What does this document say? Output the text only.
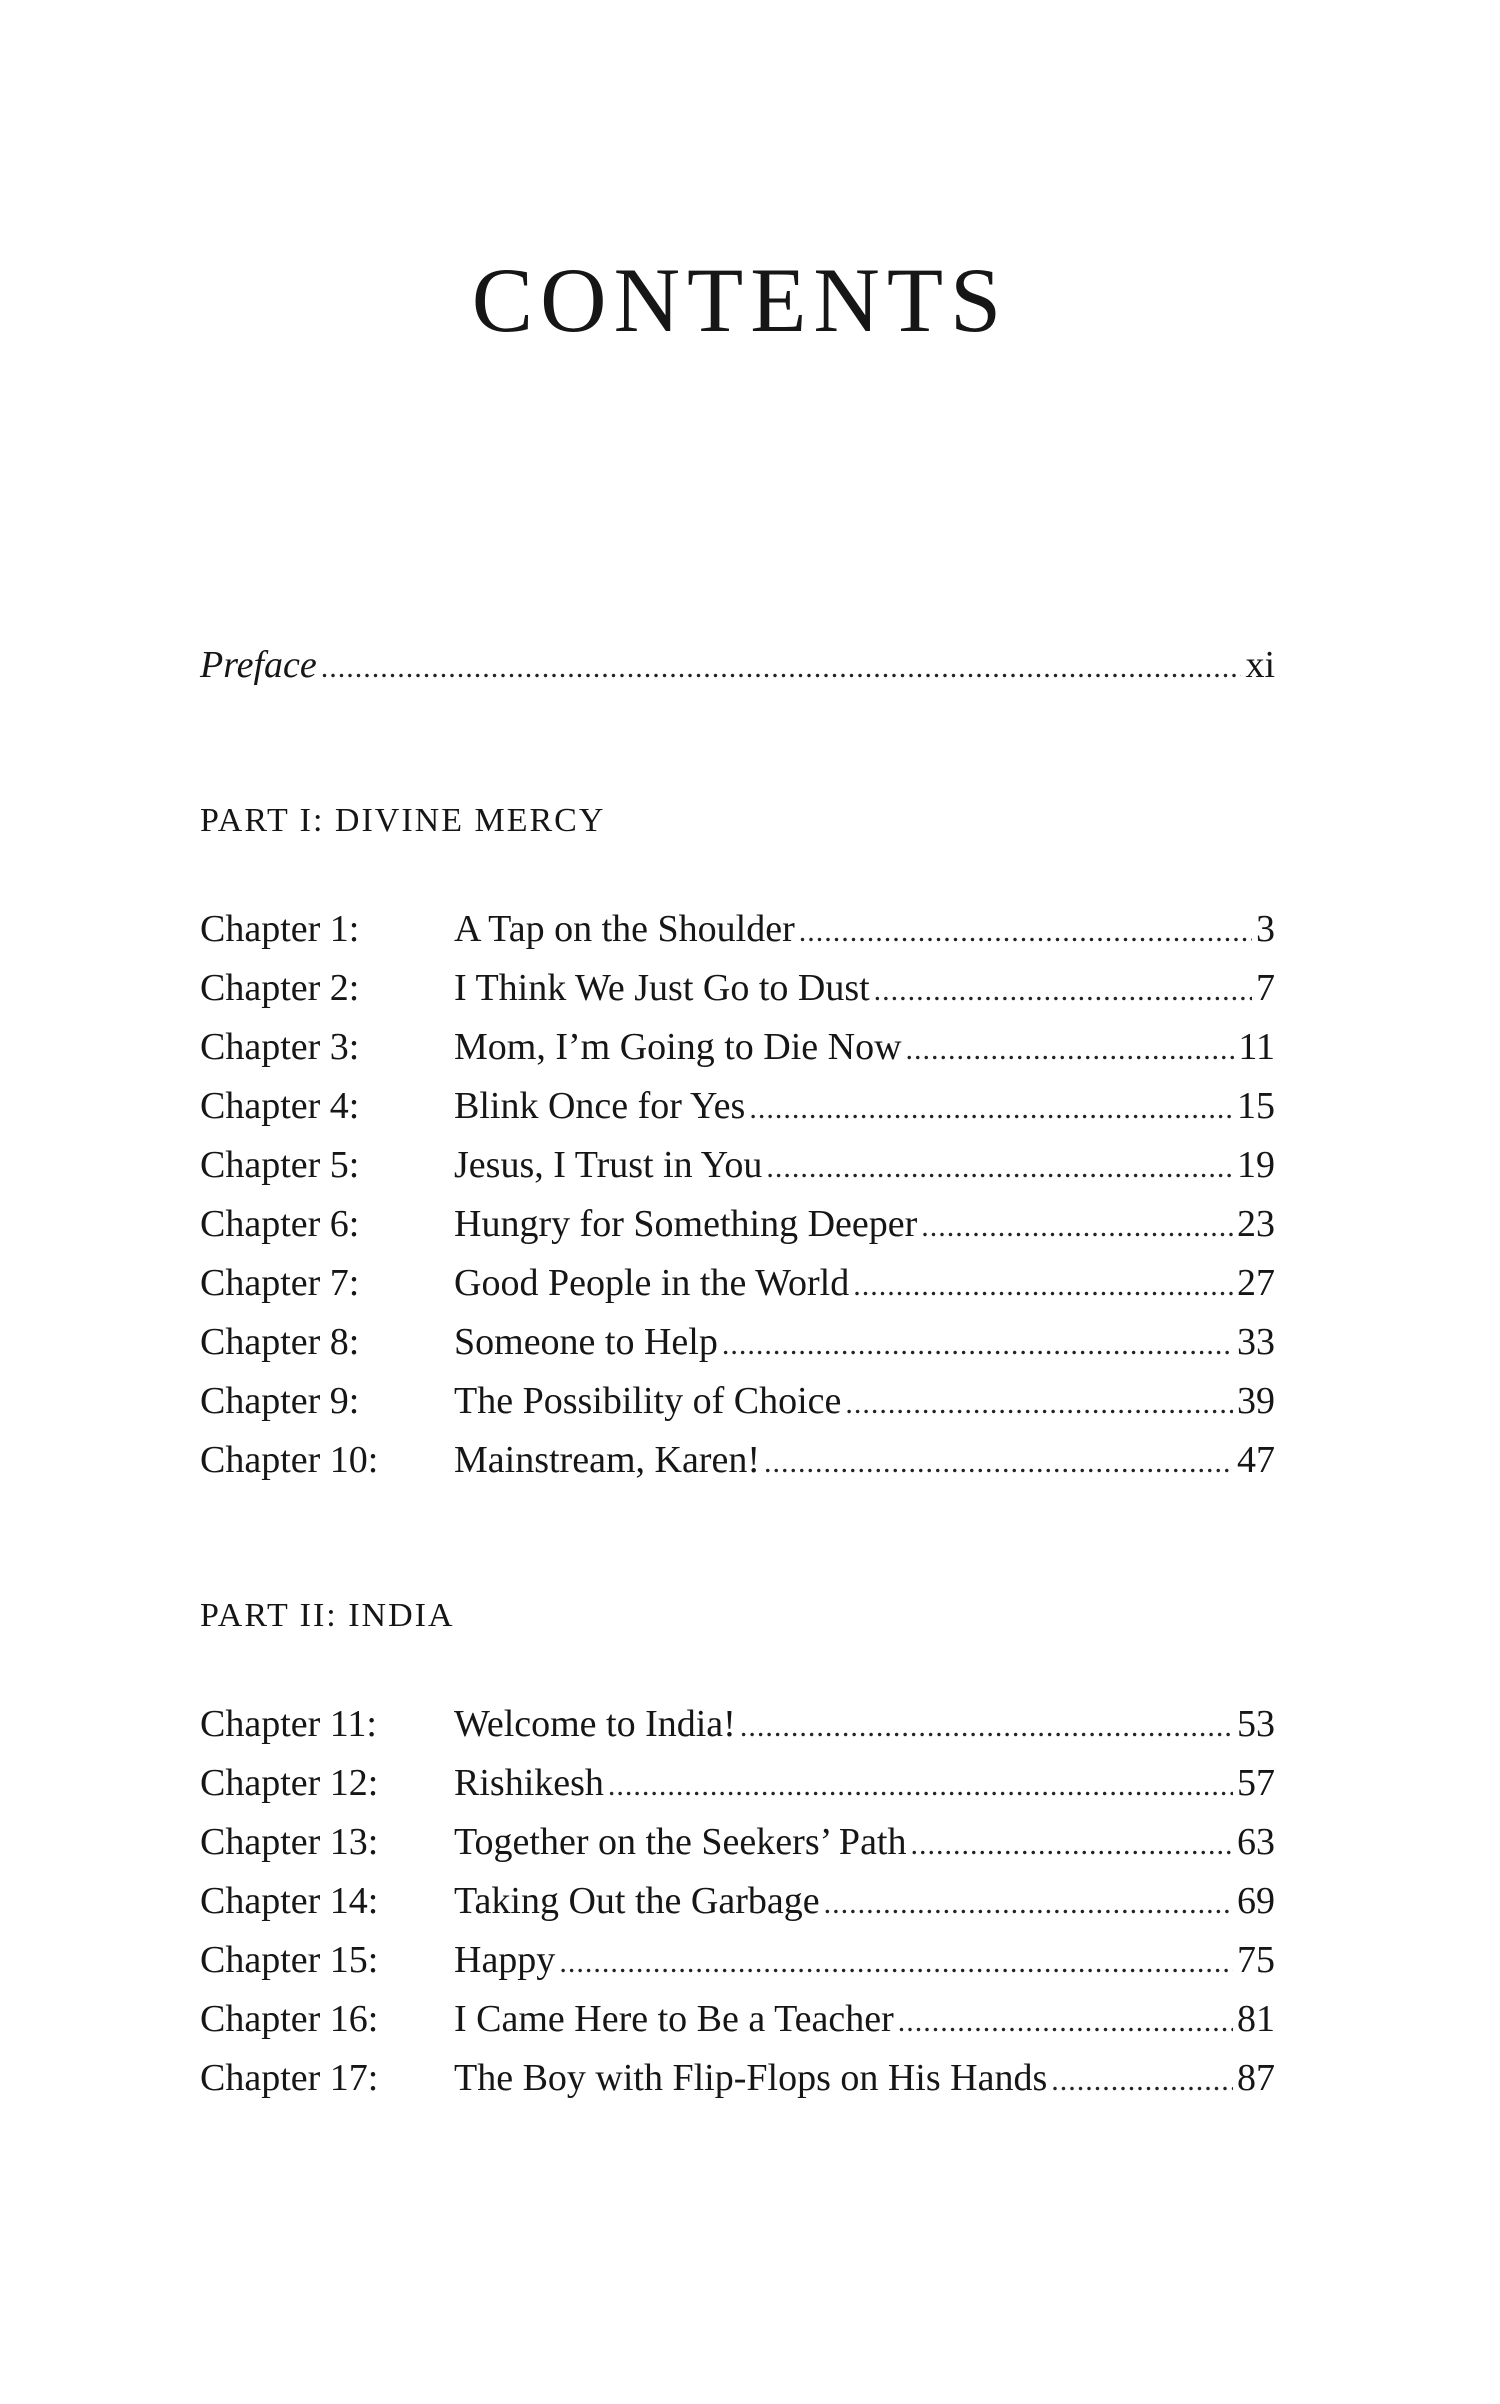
CONTENTS
Preface .....	xi
PART I: DIVINE MERCY
Chapter 1:	A Tap on the Shoulder .....	3
Chapter 2:	I Think We Just Go to Dust .....	7
Chapter 3:	Mom, I’m Going to Die Now .....	11
Chapter 4:	Blink Once for Yes .....	15
Chapter 5:	Jesus, I Trust in You .....	19
Chapter 6:	Hungry for Something Deeper .....	23
Chapter 7:	Good People in the World .....	27
Chapter 8:	Someone to Help .....	33
Chapter 9:	The Possibility of Choice .....	39
Chapter 10:	Mainstream, Karen! .....	47
PART II: INDIA
Chapter 11:	Welcome to India! .....	53
Chapter 12:	Rishikesh .....	57
Chapter 13:	Together on the Seekers’ Path .....	63
Chapter 14:	Taking Out the Garbage .....	69
Chapter 15:	Happy .....	75
Chapter 16:	I Came Here to Be a Teacher .....	81
Chapter 17:	The Boy with Flip-Flops on His Hands .....	87
